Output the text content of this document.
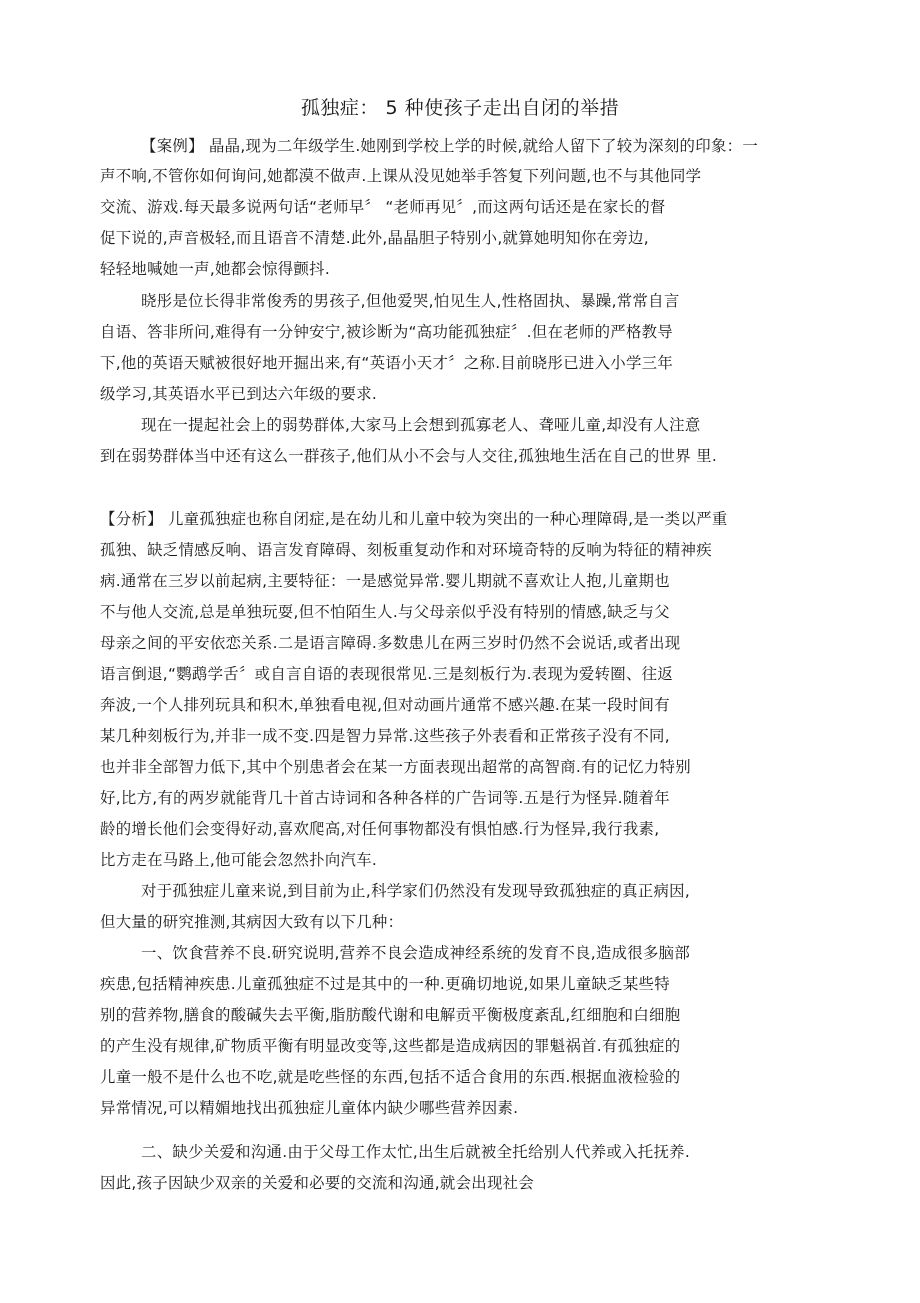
孤独症： 5 种使孩子走出自闭的举措
【案例】 晶晶,现为二年级学生.她刚到学校上学的时候,就给人留下了较为深刻的印象：一
声不响,不管你如何询问,她都漠不做声.上课从没见她举手答复下列问题,也不与其他同学
交流、游戏.每天最多说两句话“老师早〞 “老师再见〞,而这两句话还是在家长的督
促下说的,声音极轻,而且语音不清楚.此外,晶晶胆子特别小,就算她明知你在旁边,
轻轻地喊她一声,她都会惊得颤抖.
晓彤是位长得非常俊秀的男孩子,但他爱哭,怕见生人,性格固执、暴躁,常常自言
自语、答非所问,难得有一分钟安宁,被诊断为“高功能孤独症〞.但在老师的严格教导
下,他的英语天赋被很好地开掘出来,有“英语小天才〞之称.目前晓彤已进入小学三年
级学习,其英语水平已到达六年级的要求.
现在一提起社会上的弱势群体,大家马上会想到孤寡老人、聋哑儿童,却没有人注意
到在弱势群体当中还有这么一群孩子,他们从小不会与人交往,孤独地生活在自己的世界 里.
【分析】 儿童孤独症也称自闭症,是在幼儿和儿童中较为突出的一种心理障碍,是一类以严重
孤独、缺乏情感反响、语言发育障碍、刻板重复动作和对环境奇特的反响为特征的精神疾
病.通常在三岁以前起病,主要特征：一是感觉异常.婴儿期就不喜欢让人抱,儿童期也
不与他人交流,总是单独玩耍,但不怕陌生人.与父母亲似乎没有特别的情感,缺乏与父
母亲之间的平安依恋关系.二是语言障碍.多数患儿在两三岁时仍然不会说话,或者出现
语言倒退,“鹦鹉学舌〞或自言自语的表现很常见.三是刻板行为.表现为爱转圈、往返
奔波,一个人排列玩具和积木,单独看电视,但对动画片通常不感兴趣.在某一段时间有
某几种刻板行为,并非一成不变.四是智力异常.这些孩子外表看和正常孩子没有不同,
也并非全部智力低下,其中个别患者会在某一方面表现出超常的高智商.有的记忆力特别
好,比方,有的两岁就能背几十首古诗词和各种各样的广告词等.五是行为怪异.随着年
龄的增长他们会变得好动,喜欢爬高,对任何事物都没有惧怕感.行为怪异,我行我素,
比方走在马路上,他可能会忽然扑向汽车.
对于孤独症儿童来说,到目前为止,科学家们仍然没有发现导致孤独症的真正病因,
但大量的研究推测,其病因大致有以下几种：
一、饮食营养不良.研究说明,营养不良会造成神经系统的发育不良,造成很多脑部
疾患,包括精神疾患.儿童孤独症不过是其中的一种.更确切地说,如果儿童缺乏某些特
别的营养物,膳食的酸碱失去平衡,脂肪酸代谢和电解贡平衡极度紊乱,红细胞和白细胞
的产生没有规律,矿物质平衡有明显改变等,这些都是造成病因的罪魁祸首.有孤独症的
儿童一般不是什么也不吃,就是吃些怪的东西,包括不适合食用的东西.根据血液检验的
异常情况,可以精媚地找出孤独症儿童体内缺少哪些营养因素.
二、缺少关爱和沟通.由于父母工作太忙,出生后就被全托给别人代养或入托抚养.
因此,孩子因缺少双亲的关爱和必要的交流和沟通,就会出现社会
